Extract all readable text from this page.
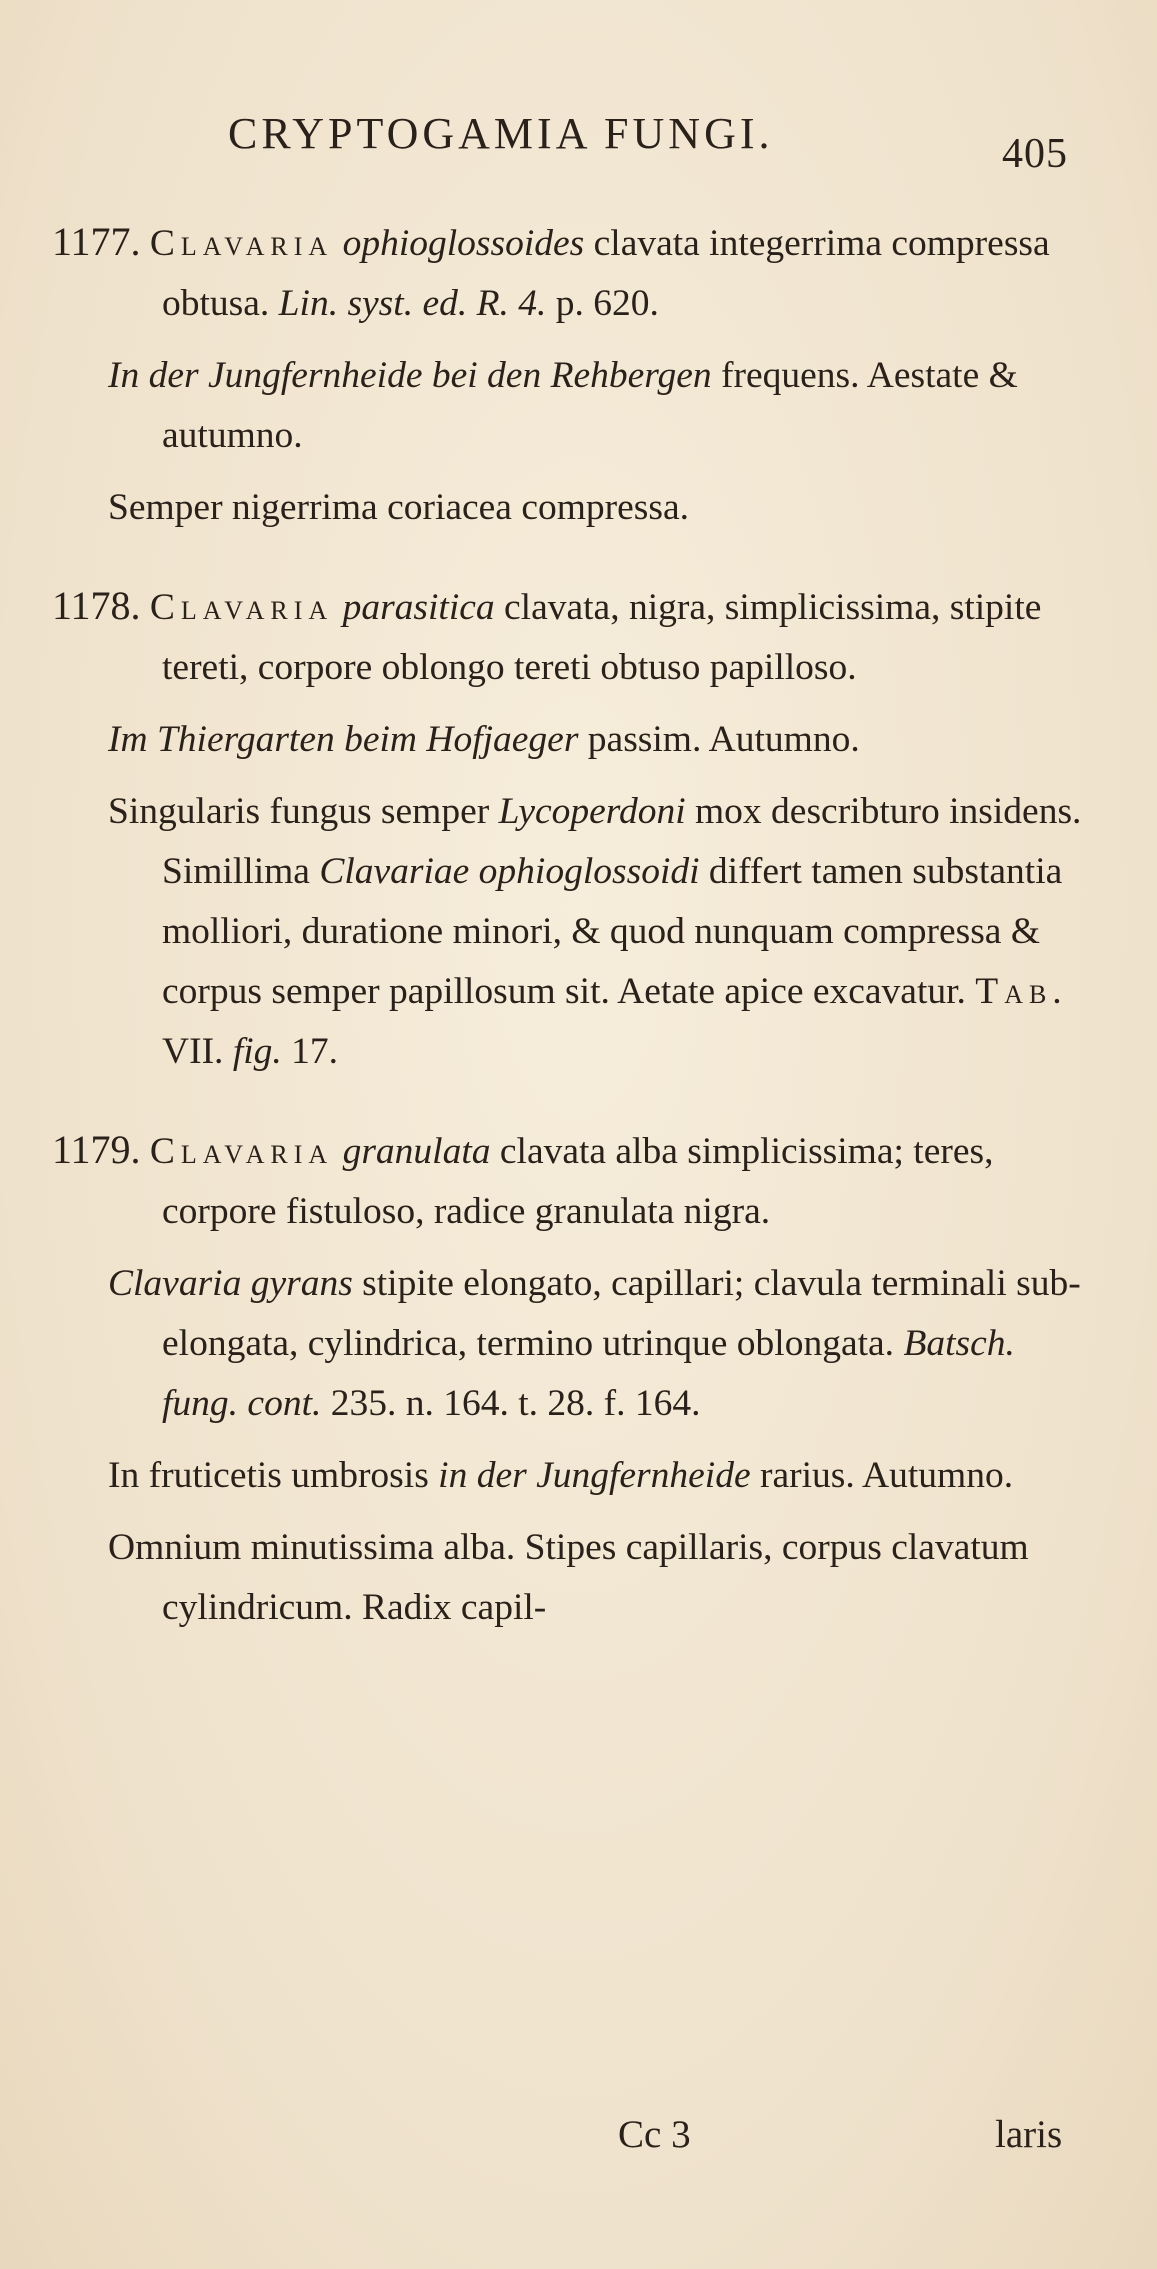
CRYPTOGAMIA FUNGI.	405
1177. Clavaria ophioglossoides clavata integerrima compressa obtusa. Lin. syst. ed. R. 4. p. 620.
In der Jungfernheide bei den Rehbergen frequens. Aestate & autumno.
Semper nigerrima coriacea compressa.
1178. Clavaria parasitica clavata, nigra, simplicissima, stipite tereti, corpore oblongo tereti obtuso papilloso.
Im Thiergarten beim Hofjaeger passim. Autumno.
Singularis fungus semper Lycoperdoni mox describturo insidens. Simillima Clavariae ophioglossoidi differt tamen substantia molliori, duratione minori, & quod nunquam compressa & corpus semper papillosum sit. Aetate apice excavatur. Tab. VII. fig. 17.
1179. Clavaria granulata clavata alba simplicissima; teres, corpore fistuloso, radice granulata nigra.
Clavaria gyrans stipite elongato, capillari; clavula terminali sub-elongata, cylindrica, termino utrinque oblongata. Batsch. fung. cont. 235. n. 164. t. 28. f. 164.
In fruticetis umbrosis in der Jungfernheide rarius. Autumno.
Omnium minutissima alba. Stipes capillaris, corpus clavatum cylindricum. Radix capil-
Cc 3	laris
